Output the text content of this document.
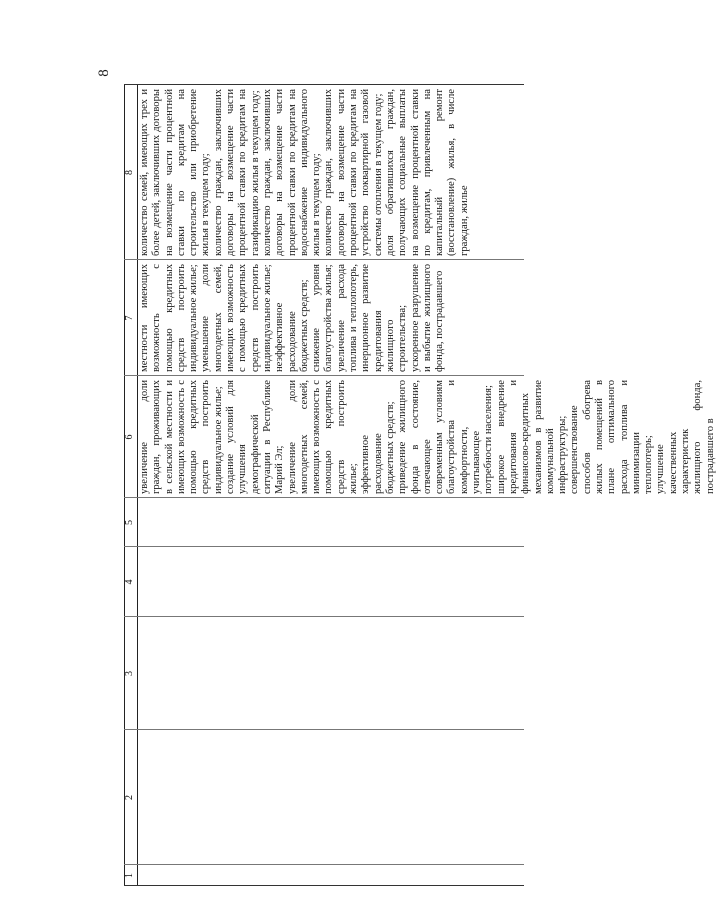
8
1
2
3
4
5
6
7
8

увеличение доли граждан, проживающих в сельской местности и имеющих возможность с помощью кредитных средств построить индивидуальное жилье; создание условий для улучшения демографической ситуации в Республике Марий Эл; увеличение доли многодетных семей, имеющих возможность с помощью кредитных средств построить жилье; эффективное расходование бюджетных средств; приведение жилищного фонда в состояние, отвечающее современным условиям благоустройства и комфортности, учитывающее потребности населения; широкое внедрение кредитования и финансово-кредитных механизмов в развитие коммунальной инфраструктуры; совершенствование способов обогрева жилых помещений в плане оптимального расхода топлива и минимизации теплопотерь; улучшение качественных характеристик жилищного фонда, пострадавшего в

местности имеющих возможность с помощью кредитных средств построить индивидуальное жилье; уменьшение доли многодетных семей, имеющих возможность с помощью кредитных средств построить индивидуальное жилье; неэффективное расходование бюджетных средств; снижение уровня благоустройства жилья; увеличение расхода топлива и теплопотерь, инерционное развитие кредитования жилищного строительства; ускоренное разрушение и выбытие жилищного фонда, пострадавшего

количество семей, имеющих трех и более детей, заключивших договоры на возмещение части процентной ставки по кредитам на строительство или приобретение жилья в текущем году; количество граждан, заключивших договоры на возмещение части процентной ставки по кредитам на газификацию жилья в текущем году; количество граждан, заключивших договоры на возмещение части процентной ставки по кредитам на водоснабжение индивидуального жилья в текущем году; количество граждан, заключивших договоры на возмещение части процентной ставки по кредитам на устройство поквартирной газовой системы отопления в текущем году; доля обратившихся граждан, получающих социальные выплаты на возмещение процентной ставки по кредитам, привлеченным на капитальный ремонт (восстановление) жилья, в числе граждан, жилье
